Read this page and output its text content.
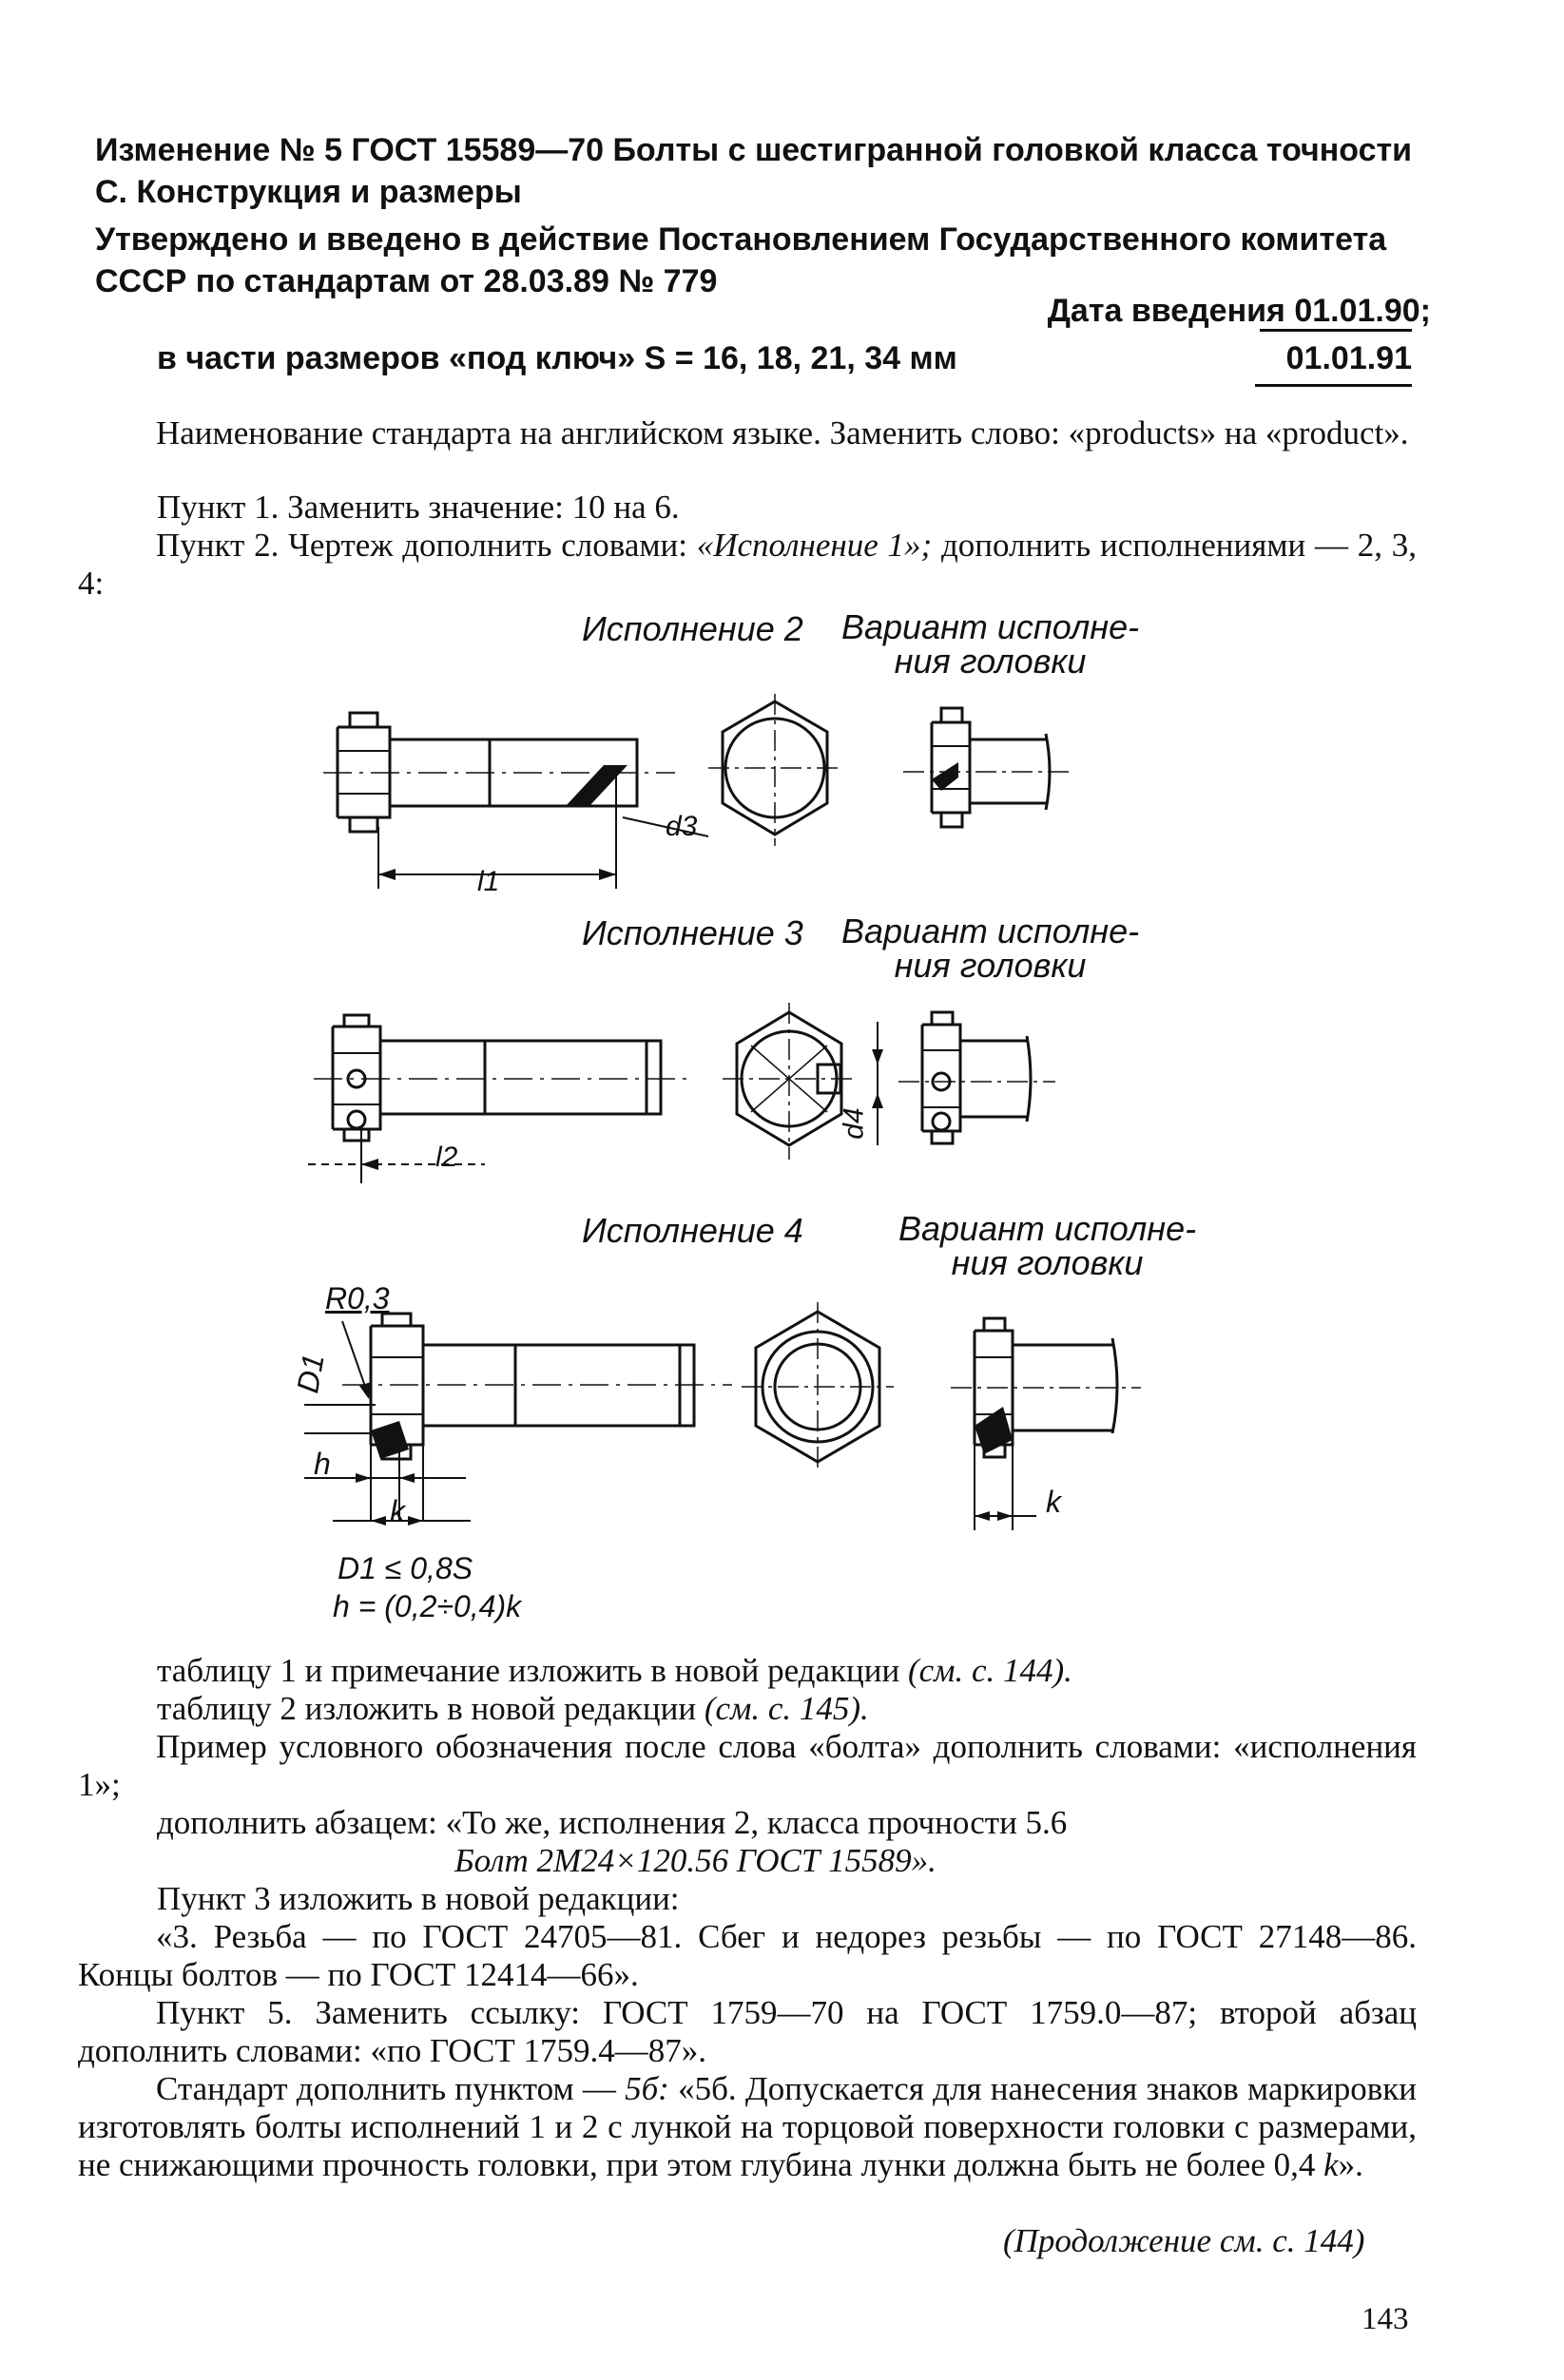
Изменение № 5 ГОСТ 15589—70 Болты с шестигранной головкой класса точности С. Конструкция и размеры

Утверждено и введено в действие Постановлением Государственного комитета СССР по стандартам от 28.03.89 № 779

Дата введения 01.01.90;

в части размеров «под ключ» S = 16, 18, 21, 34 мм	01.01.91

Наименование стандарта на английском языке. Заменить слово: «products» на «product».

Пункт 1. Заменить значение: 10 на 6.

Пункт 2. Чертеж дополнить словами: «Исполнение 1»; дополнить исполнениями — 2, 3, 4:

Исполнение 2 Вариант исполне-
ния головки

Исполнение 3 Вариант исполне-
ния головки

Исполнение 4	Вариант исполне-
ния головки

l1

d3

l2

d4

R0,3

D1

h

k	k

D1 ≤ 0,8S

h = (0,2÷0,4)k

таблицу 1 и примечание изложить в новой редакции (см. с. 144).

таблицу 2 изложить в новой редакции (см. с. 145).

Пример условного обозначения после слова «болта» дополнить словами: «исполнения 1»;

дополнить абзацем: «То же, исполнения 2, класса прочности 5.6

Болт 2М24×120.56 ГОСТ 15589».

Пункт 3 изложить в новой редакции:

«3. Резьба — по ГОСТ 24705—81. Сбег и недорез резьбы — по ГОСТ 27148—86. Концы болтов — по ГОСТ 12414—66».

Пункт 5. Заменить ссылку: ГОСТ 1759—70 на ГОСТ 1759.0—87; второй абзац дополнить словами: «по ГОСТ 1759.4—87».

Стандарт дополнить пунктом — 5б: «5б. Допускается для нанесения знаков маркировки изготовлять болты исполнений 1 и 2 с лункой на торцовой поверхности головки с размерами, не снижающими прочность головки, при этом глубина лунки должна быть не более 0,4 k».

(Продолжение см. с. 144)

143
